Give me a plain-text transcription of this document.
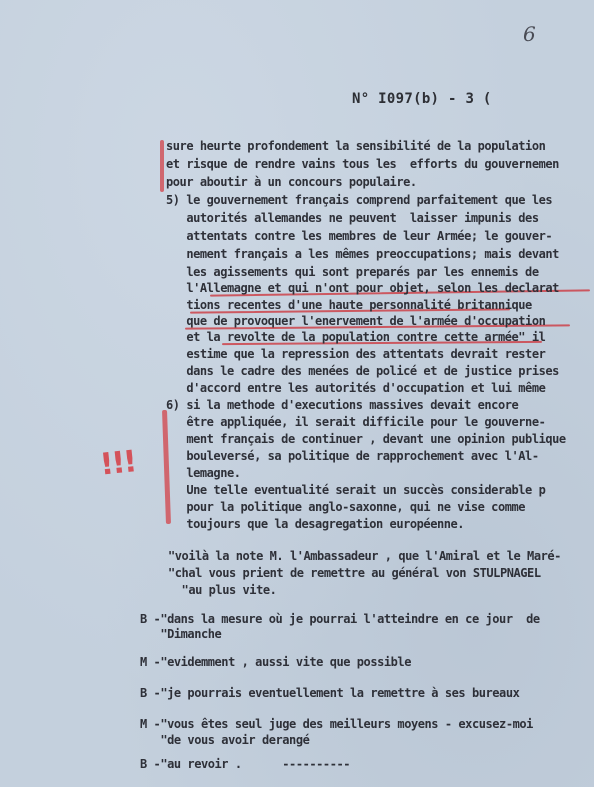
6
N° I097(b) - 3 (
!!!
sure heurte profondement la sensibilité de la population
et risque de rendre vains tous les  efforts du gouvernemen
pour aboutir à un concours populaire.
5) le gouvernement français comprend parfaitement que les
autorités allemandes ne peuvent  laisser impunis des
attentats contre les membres de leur Armée; le gouver-
nement français a les mêmes preoccupations; mais devant
les agissements qui sont preparés par les ennemis de
l'Allemagne et qui n'ont pour objet, selon les declarat
tions recentes d'une haute personnalité britannique
que de provoquer l'enervement de l'armée d'occupation
et la revolte de la population contre cette armée" il
estime que la repression des attentats devrait rester
dans le cadre des menées de policé et de justice prises
d'accord entre les autorités d'occupation et lui même
6) si la methode d'executions massives devait encore
être appliquée, il serait difficile pour le gouverne-
ment français de continuer , devant une opinion publique
bouleversé, sa politique de rapprochement avec l'Al-
lemagne.
Une telle eventualité serait un succès considerable p
pour la politique anglo-saxonne, qui ne vise comme
toujours que la desagregation européenne.
"voilà la note M. l'Ambassadeur , que l'Amiral et le Maré-
"chal vous prient de remettre au général von STULPNAGEL
"au plus vite.
B -"dans la mesure où je pourrai l'atteindre en ce jour  de
"Dimanche
M -"evidemment , aussi vite que possible
B -"je pourrais eventuellement la remettre à ses bureaux
M -"vous êtes seul juge des meilleurs moyens - excusez-moi
"de vous avoir derangé
B -"au revoir .      ----------
